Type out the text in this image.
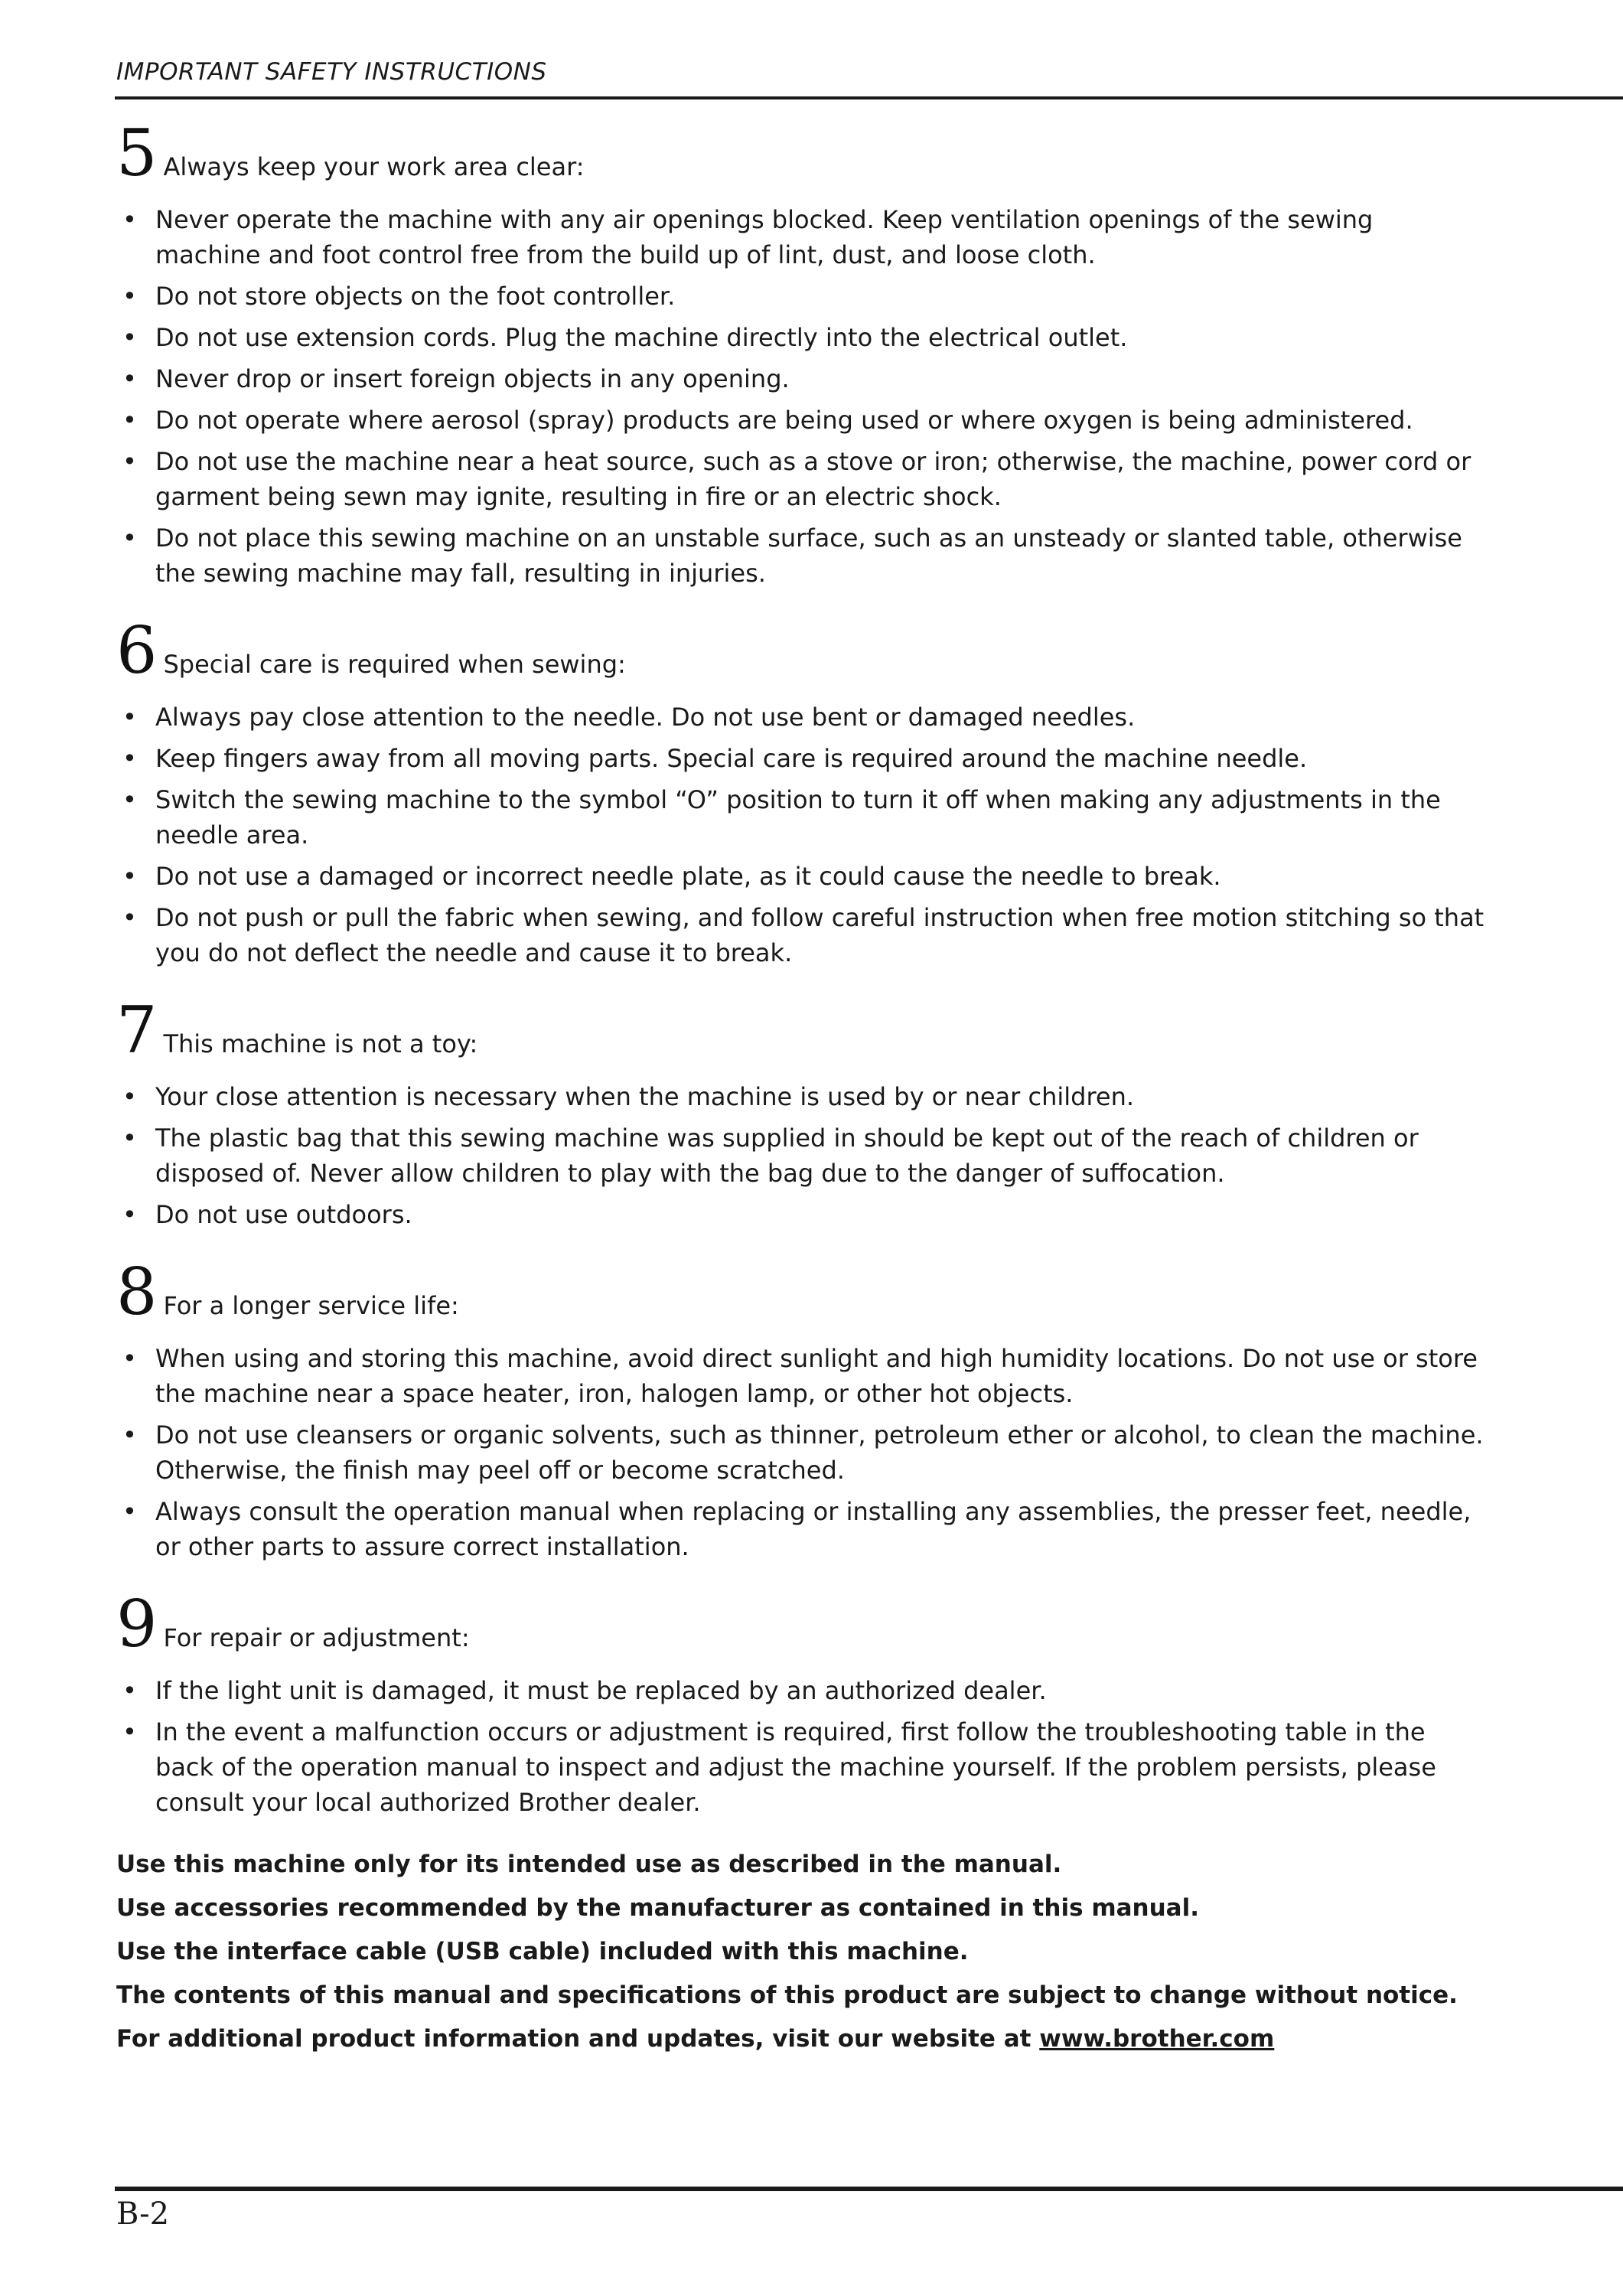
IMPORTANT SAFETY INSTRUCTIONS
5 Always keep your work area clear:
• Never operate the machine with any air openings blocked. Keep ventilation openings of the sewing machine and foot control free from the build up of lint, dust, and loose cloth.
• Do not store objects on the foot controller.
• Do not use extension cords. Plug the machine directly into the electrical outlet.
• Never drop or insert foreign objects in any opening.
• Do not operate where aerosol (spray) products are being used or where oxygen is being administered.
• Do not use the machine near a heat source, such as a stove or iron; otherwise, the machine, power cord or garment being sewn may ignite, resulting in fire or an electric shock.
• Do not place this sewing machine on an unstable surface, such as an unsteady or slanted table, otherwise the sewing machine may fall, resulting in injuries.
6 Special care is required when sewing:
• Always pay close attention to the needle. Do not use bent or damaged needles.
• Keep fingers away from all moving parts. Special care is required around the machine needle.
• Switch the sewing machine to the symbol “O” position to turn it off when making any adjustments in the needle area.
• Do not use a damaged or incorrect needle plate, as it could cause the needle to break.
• Do not push or pull the fabric when sewing, and follow careful instruction when free motion stitching so that you do not deflect the needle and cause it to break.
7 This machine is not a toy:
• Your close attention is necessary when the machine is used by or near children.
• The plastic bag that this sewing machine was supplied in should be kept out of the reach of children or disposed of. Never allow children to play with the bag due to the danger of suffocation.
• Do not use outdoors.
8 For a longer service life:
• When using and storing this machine, avoid direct sunlight and high humidity locations. Do not use or store the machine near a space heater, iron, halogen lamp, or other hot objects.
• Do not use cleansers or organic solvents, such as thinner, petroleum ether or alcohol, to clean the machine. Otherwise, the finish may peel off or become scratched.
• Always consult the operation manual when replacing or installing any assemblies, the presser feet, needle, or other parts to assure correct installation.
9 For repair or adjustment:
• If the light unit is damaged, it must be replaced by an authorized dealer.
• In the event a malfunction occurs or adjustment is required, first follow the troubleshooting table in the back of the operation manual to inspect and adjust the machine yourself. If the problem persists, please consult your local authorized Brother dealer.
Use this machine only for its intended use as described in the manual.
Use accessories recommended by the manufacturer as contained in this manual.
Use the interface cable (USB cable) included with this machine.
The contents of this manual and specifications of this product are subject to change without notice.
For additional product information and updates, visit our website at www.brother.com
B-2
